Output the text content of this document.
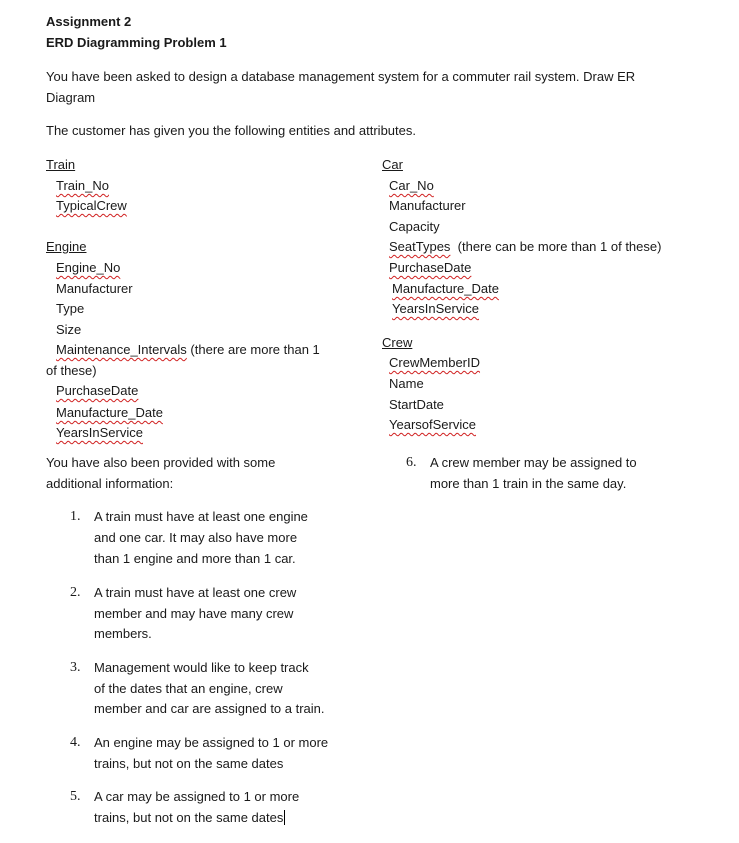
Assignment 2
ERD Diagramming Problem 1
You have been asked to design a database management system for a commuter rail system. Draw ER
Diagram
The customer has given you the following entities and attributes.
Train
Train_No
TypicalCrew
Engine
Engine_No
Manufacturer
Type
Size
Maintenance_Intervals (there are more than 1
of these)
PurchaseDate
Manufacture_Date
YearsInService
Car
Car_No
Manufacturer
Capacity
SeatTypes  (there can be more than 1 of these)
PurchaseDate
Manufacture_Date
YearsInService
Crew
CrewMemberID
Name
StartDate
YearsofService
You have also been provided with some
additional information:
6. A crew member may be assigned to
more than 1 train in the same day.
1. A train must have at least one engine
and one car. It may also have more
than 1 engine and more than 1 car.
2. A train must have at least one crew
member and may have many crew
members.
3. Management would like to keep track
of the dates that an engine, crew
member and car are assigned to a train.
4. An engine may be assigned to 1 or more
trains, but not on the same dates
5. A car may be assigned to 1 or more
trains, but not on the same dates
